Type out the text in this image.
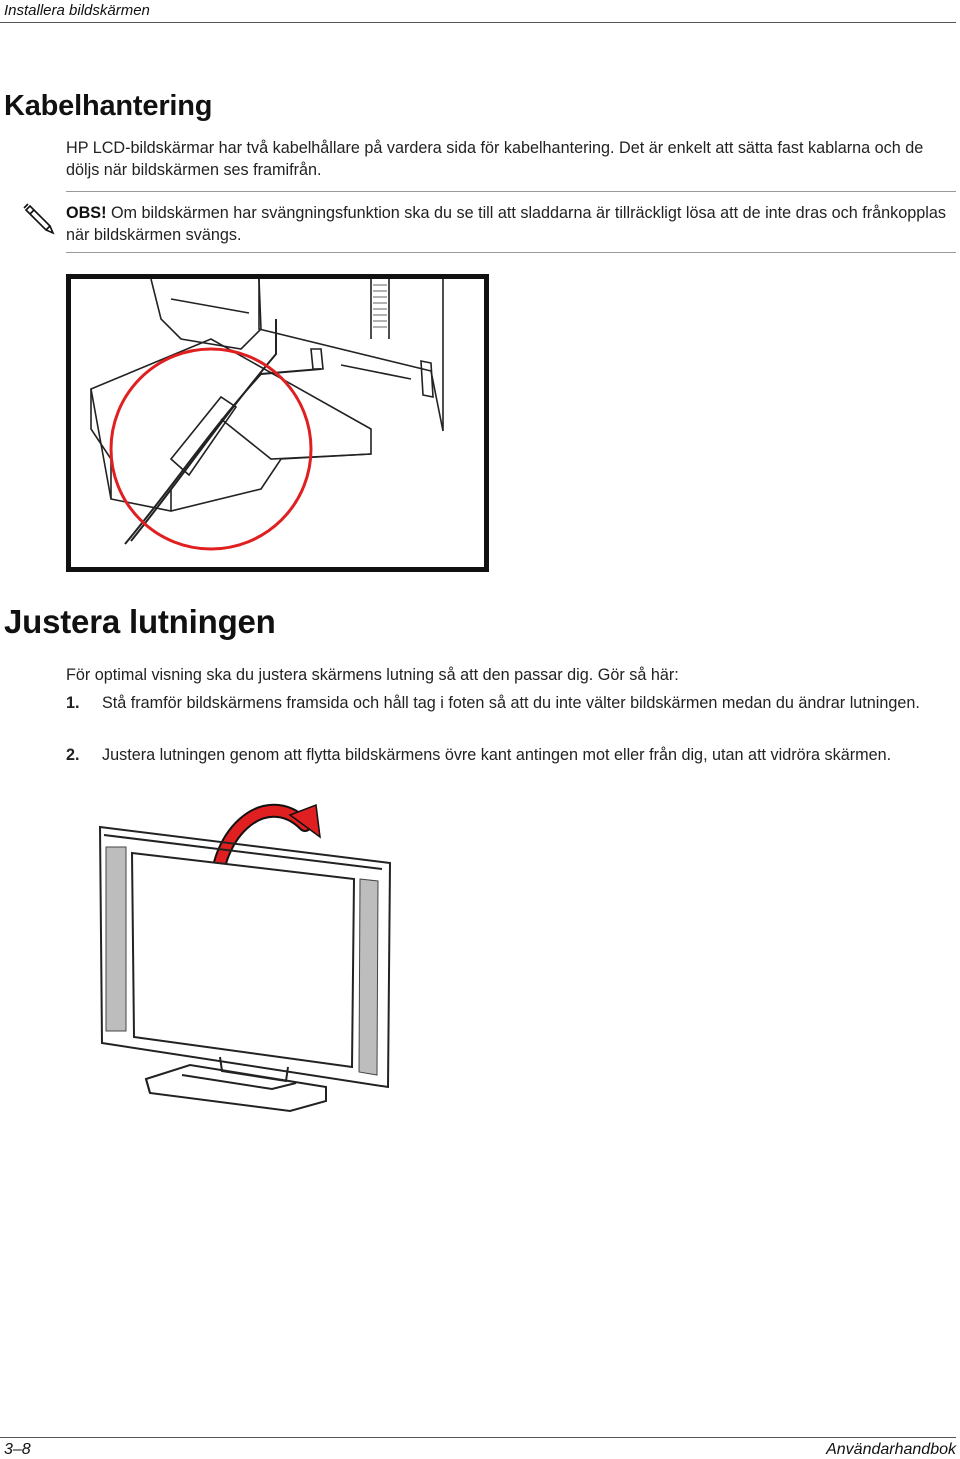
Installera bildskärmen
Kabelhantering
HP LCD-bildskärmar har två kabelhållare på vardera sida för kabelhantering. Det är enkelt att sätta fast kablarna och de döljs när bildskärmen ses framifrån.
OBS! Om bildskärmen har svängningsfunktion ska du se till att sladdarna är tillräckligt lösa att de inte dras och frånkopplas när bildskärmen svängs.
Justera lutningen
För optimal visning ska du justera skärmens lutning så att den passar dig. Gör så här:
1. Stå framför bildskärmens framsida och håll tag i foten så att du inte välter bildskärmen medan du ändrar lutningen.
2. Justera lutningen genom att flytta bildskärmens övre kant antingen mot eller från dig, utan att vidröra skärmen.
3–8	Användarhandbok
